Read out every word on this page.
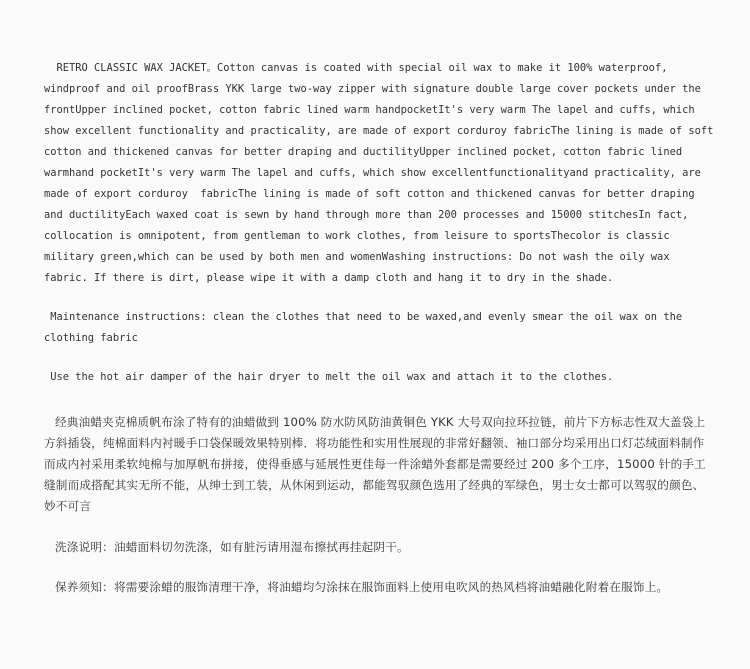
RETRO CLASSIC WAX JACKET。Cotton canvas is coated with special oil wax to make it 100% waterproof, windproof and oil proofBrass YKK large two-way zipper with signature double large cover pockets under the frontUpper inclined pocket, cotton fabric lined warm handpocketIt's very warm The lapel and cuffs, which show excellent functionality and practicality, are made of export corduroy fabricThe lining is made of soft cotton and thickened canvas for better draping and ductilityUpper inclined pocket, cotton fabric lined warmhand pocketIt's very warm The lapel and cuffs, which show excellentfunctionalityand practicality, are made of export corduroy  fabricThe lining is made of soft cotton and thickened canvas for better draping and ductilityEach waxed coat is sewn by hand through more than 200 processes and 15000 stitchesIn fact, collocation is omnipotent, from gentleman to work clothes, from leisure to sportsThecolor is classic military green,which can be used by both men and womenWashing instructions: Do not wash the oily wax fabric. If there is dirt, please wipe it with a damp cloth and hang it to dry in the shade.

Maintenance instructions: clean the clothes that need to be waxed,and evenly smear the oil wax on the clothing fabric

Use the hot air damper of the hair dryer to melt the oil wax and attach it to the clothes.

经典油蜡夹克棉质帆布涂了特有的油蜡做到 100% 防水防风防油黄铜色 YKK 大号双向拉环拉链，前片下方标志性双大盖袋上方斜插袋，纯棉面料内衬暖手口袋保暖效果特别棒．将功能性和实用性展现的非常好翻领、袖口部分均采用出口灯芯绒面料制作而成内衬采用柔软纯棉与加厚帆布拼接，使得垂感与延展性更佳每一件涂蜡外套都是需要经过 200 多个工序，15000 针的手工缝制而成搭配其实无所不能，从绅士到工装，从休闲到运动，都能驾驭颜色选用了经典的军绿色，男士女士都可以驾驭的颜色、妙不可言

洗涤说明：油蜡面料切勿洗涤，如有脏污请用湿布擦拭再挂起阴干。

保养须知：将需要涂蜡的服饰清理干净，将油蜡均匀涂抹在服饰面料上使用电吹风的热风档将油蜡融化附着在服饰上。
